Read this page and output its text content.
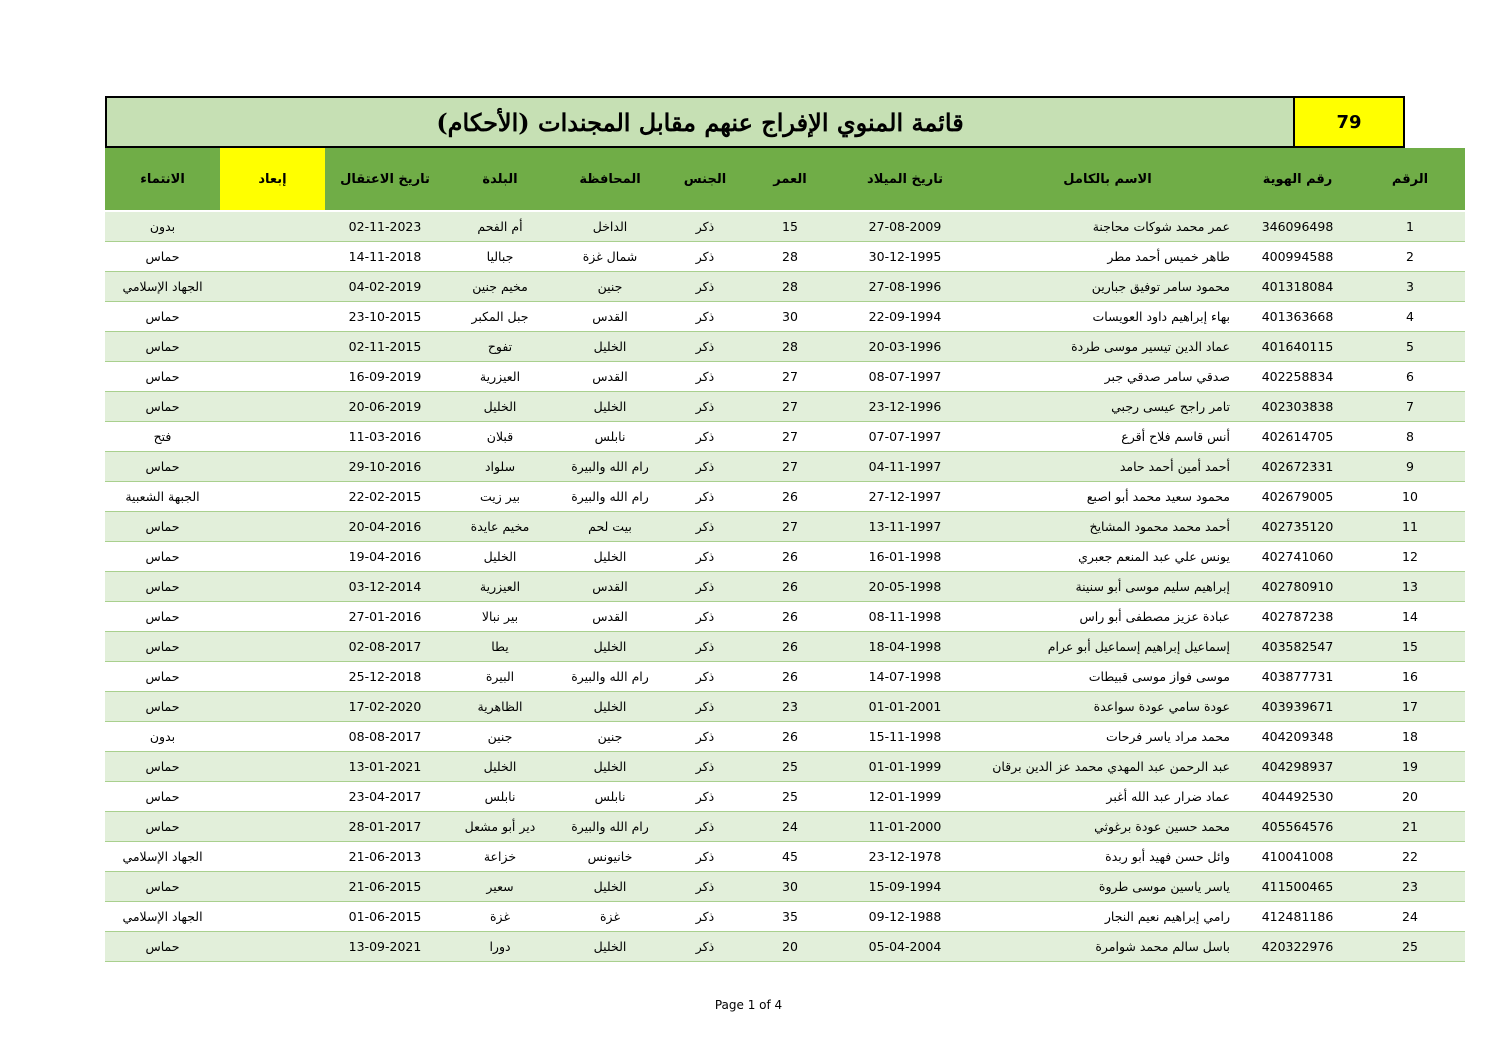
79
قائمة المنوي الإفراج عنهم مقابل المجندات (الأحكام)
الرقم	رقم الهوية	الاسم بالكامل	تاريخ الميلاد	العمر	الجنس	المحافظة	البلدة	تاريخ الاعتقال	إبعاد	الانتماء
1	346096498	عمر محمد شوكات محاجنة	27-08-2009	15	ذكر	الداخل	أم الفحم	02-11-2023		بدون
2	400994588	طاهر خميس أحمد مطر	30-12-1995	28	ذكر	شمال غزة	جباليا	14-11-2018		حماس
3	401318084	محمود سامر توفيق جبارين	27-08-1996	28	ذكر	جنين	مخيم جنين	04-02-2019		الجهاد الإسلامي
4	401363668	بهاء إبراهيم داود العويسات	22-09-1994	30	ذكر	القدس	جبل المكبر	23-10-2015		حماس
5	401640115	عماد الدين تيسير موسى طردة	20-03-1996	28	ذكر	الخليل	تفوح	02-11-2015		حماس
6	402258834	صدقي سامر صدقي جبر	08-07-1997	27	ذكر	القدس	العيزرية	16-09-2019		حماس
7	402303838	تامر راجح عيسى رجبي	23-12-1996	27	ذكر	الخليل	الخليل	20-06-2019		حماس
8	402614705	أنس قاسم فلاح أقرع	07-07-1997	27	ذكر	نابلس	قبلان	11-03-2016		فتح
9	402672331	أحمد أمين أحمد حامد	04-11-1997	27	ذكر	رام الله والبيرة	سلواد	29-10-2016		حماس
10	402679005	محمود سعيد محمد أبو اصبع	27-12-1997	26	ذكر	رام الله والبيرة	بير زيت	22-02-2015		الجبهة الشعبية
11	402735120	أحمد محمد محمود المشايخ	13-11-1997	27	ذكر	بيت لحم	مخيم عايدة	20-04-2016		حماس
12	402741060	يونس علي عبد المنعم جعبري	16-01-1998	26	ذكر	الخليل	الخليل	19-04-2016		حماس
13	402780910	إبراهيم سليم موسى أبو سنينة	20-05-1998	26	ذكر	القدس	العيزرية	03-12-2014		حماس
14	402787238	عبادة عزيز مصطفى أبو راس	08-11-1998	26	ذكر	القدس	بير نبالا	27-01-2016		حماس
15	403582547	إسماعيل إبراهيم إسماعيل أبو عرام	18-04-1998	26	ذكر	الخليل	يطا	02-08-2017		حماس
16	403877731	موسى فواز موسى قبيطات	14-07-1998	26	ذكر	رام الله والبيرة	البيرة	25-12-2018		حماس
17	403939671	عودة سامي عودة سواعدة	01-01-2001	23	ذكر	الخليل	الظاهرية	17-02-2020		حماس
18	404209348	محمد مراد ياسر فرحات	15-11-1998	26	ذكر	جنين	جنين	08-08-2017		بدون
19	404298937	عبد الرحمن عبد المهدي محمد عز الدين برقان	01-01-1999	25	ذكر	الخليل	الخليل	13-01-2021		حماس
20	404492530	عماد ضرار عبد الله أغبر	12-01-1999	25	ذكر	نابلس	نابلس	23-04-2017		حماس
21	405564576	محمد حسين عودة برغوثي	11-01-2000	24	ذكر	رام الله والبيرة	دير أبو مشعل	28-01-2017		حماس
22	410041008	وائل حسن فهيد أبو ربدة	23-12-1978	45	ذكر	خانيونس	خزاعة	21-06-2013		الجهاد الإسلامي
23	411500465	ياسر ياسين موسى طروة	15-09-1994	30	ذكر	الخليل	سعير	21-06-2015		حماس
24	412481186	رامي إبراهيم نعيم النجار	09-12-1988	35	ذكر	غزة	غزة	01-06-2015		الجهاد الإسلامي
25	420322976	باسل سالم محمد شوامرة	05-04-2004	20	ذكر	الخليل	دورا	13-09-2021		حماس
Page 1 of 4
